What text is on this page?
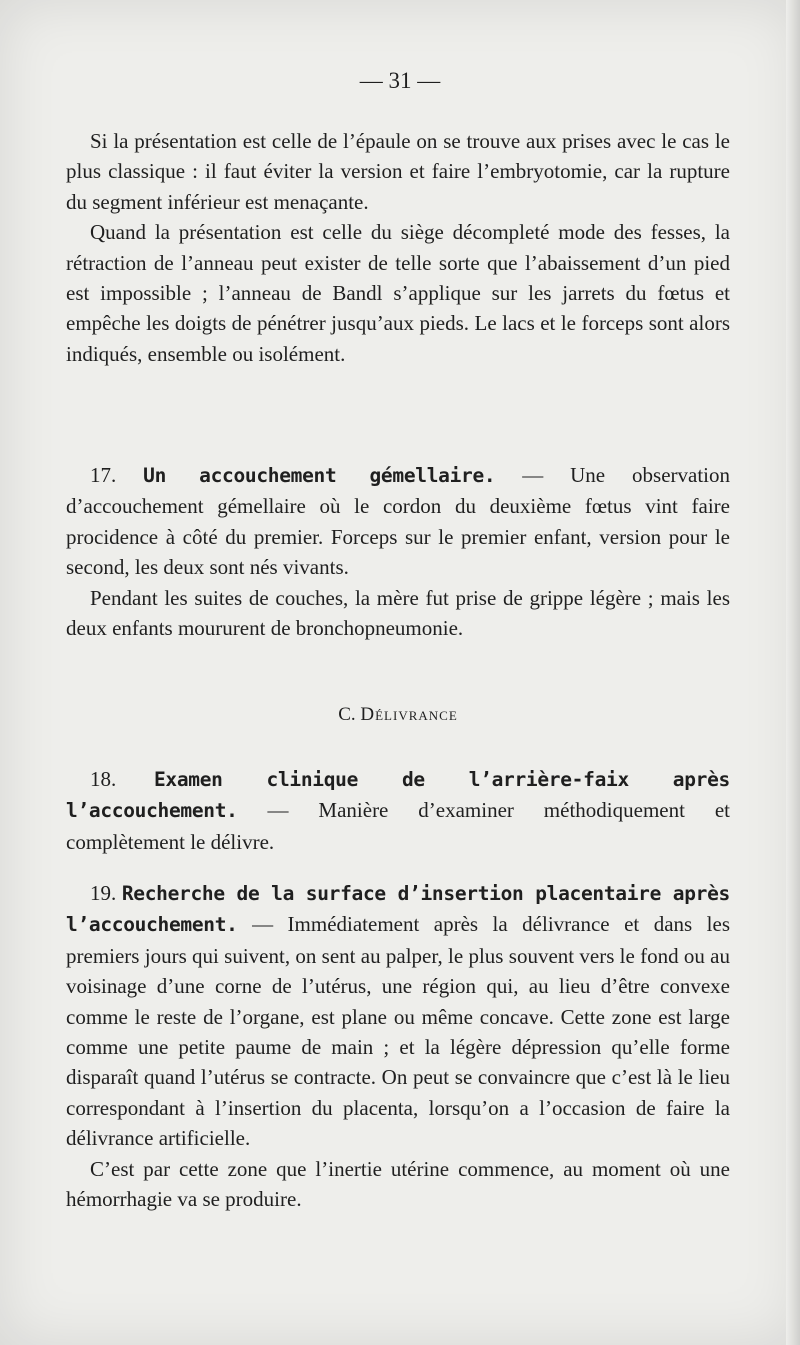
— 31 —

Si la présentation est celle de l’épaule on se trouve aux prises avec le cas le plus classique : il faut éviter la version et faire l’embryotomie, car la rupture du segment inférieur est menaçante.

Quand la présentation est celle du siège décompleté mode des fesses, la rétraction de l’anneau peut exister de telle sorte que l’abaissement d’un pied est impossible ; l’anneau de Bandl s’applique sur les jarrets du fœtus et empêche les doigts de pénétrer jusqu’aux pieds. Le lacs et le forceps sont alors indiqués, ensemble ou isolément.

17. Un accouchement gémellaire. — Une observation d’accouchement gémellaire où le cordon du deuxième fœtus vint faire procidence à côté du premier. Forceps sur le premier enfant, version pour le second, les deux sont nés vivants.

Pendant les suites de couches, la mère fut prise de grippe légère ; mais les deux enfants moururent de bronchopneumonie.

C. Délivrance

18. Examen clinique de l’arrière-faix après l’accouchement. — Manière d’examiner méthodiquement et complètement le délivre.

19. Recherche de la surface d’insertion placentaire après l’accouchement. — Immédiatement après la délivrance et dans les premiers jours qui suivent, on sent au palper, le plus souvent vers le fond ou au voisinage d’une corne de l’utérus, une région qui, au lieu d’être convexe comme le reste de l’organe, est plane ou même concave. Cette zone est large comme une petite paume de main ; et la légère dépression qu’elle forme disparaît quand l’utérus se contracte. On peut se convaincre que c’est là le lieu correspondant à l’insertion du placenta, lorsqu’on a l’occasion de faire la délivrance artificielle.

C’est par cette zone que l’inertie utérine commence, au moment où une hémorrhagie va se produire.
